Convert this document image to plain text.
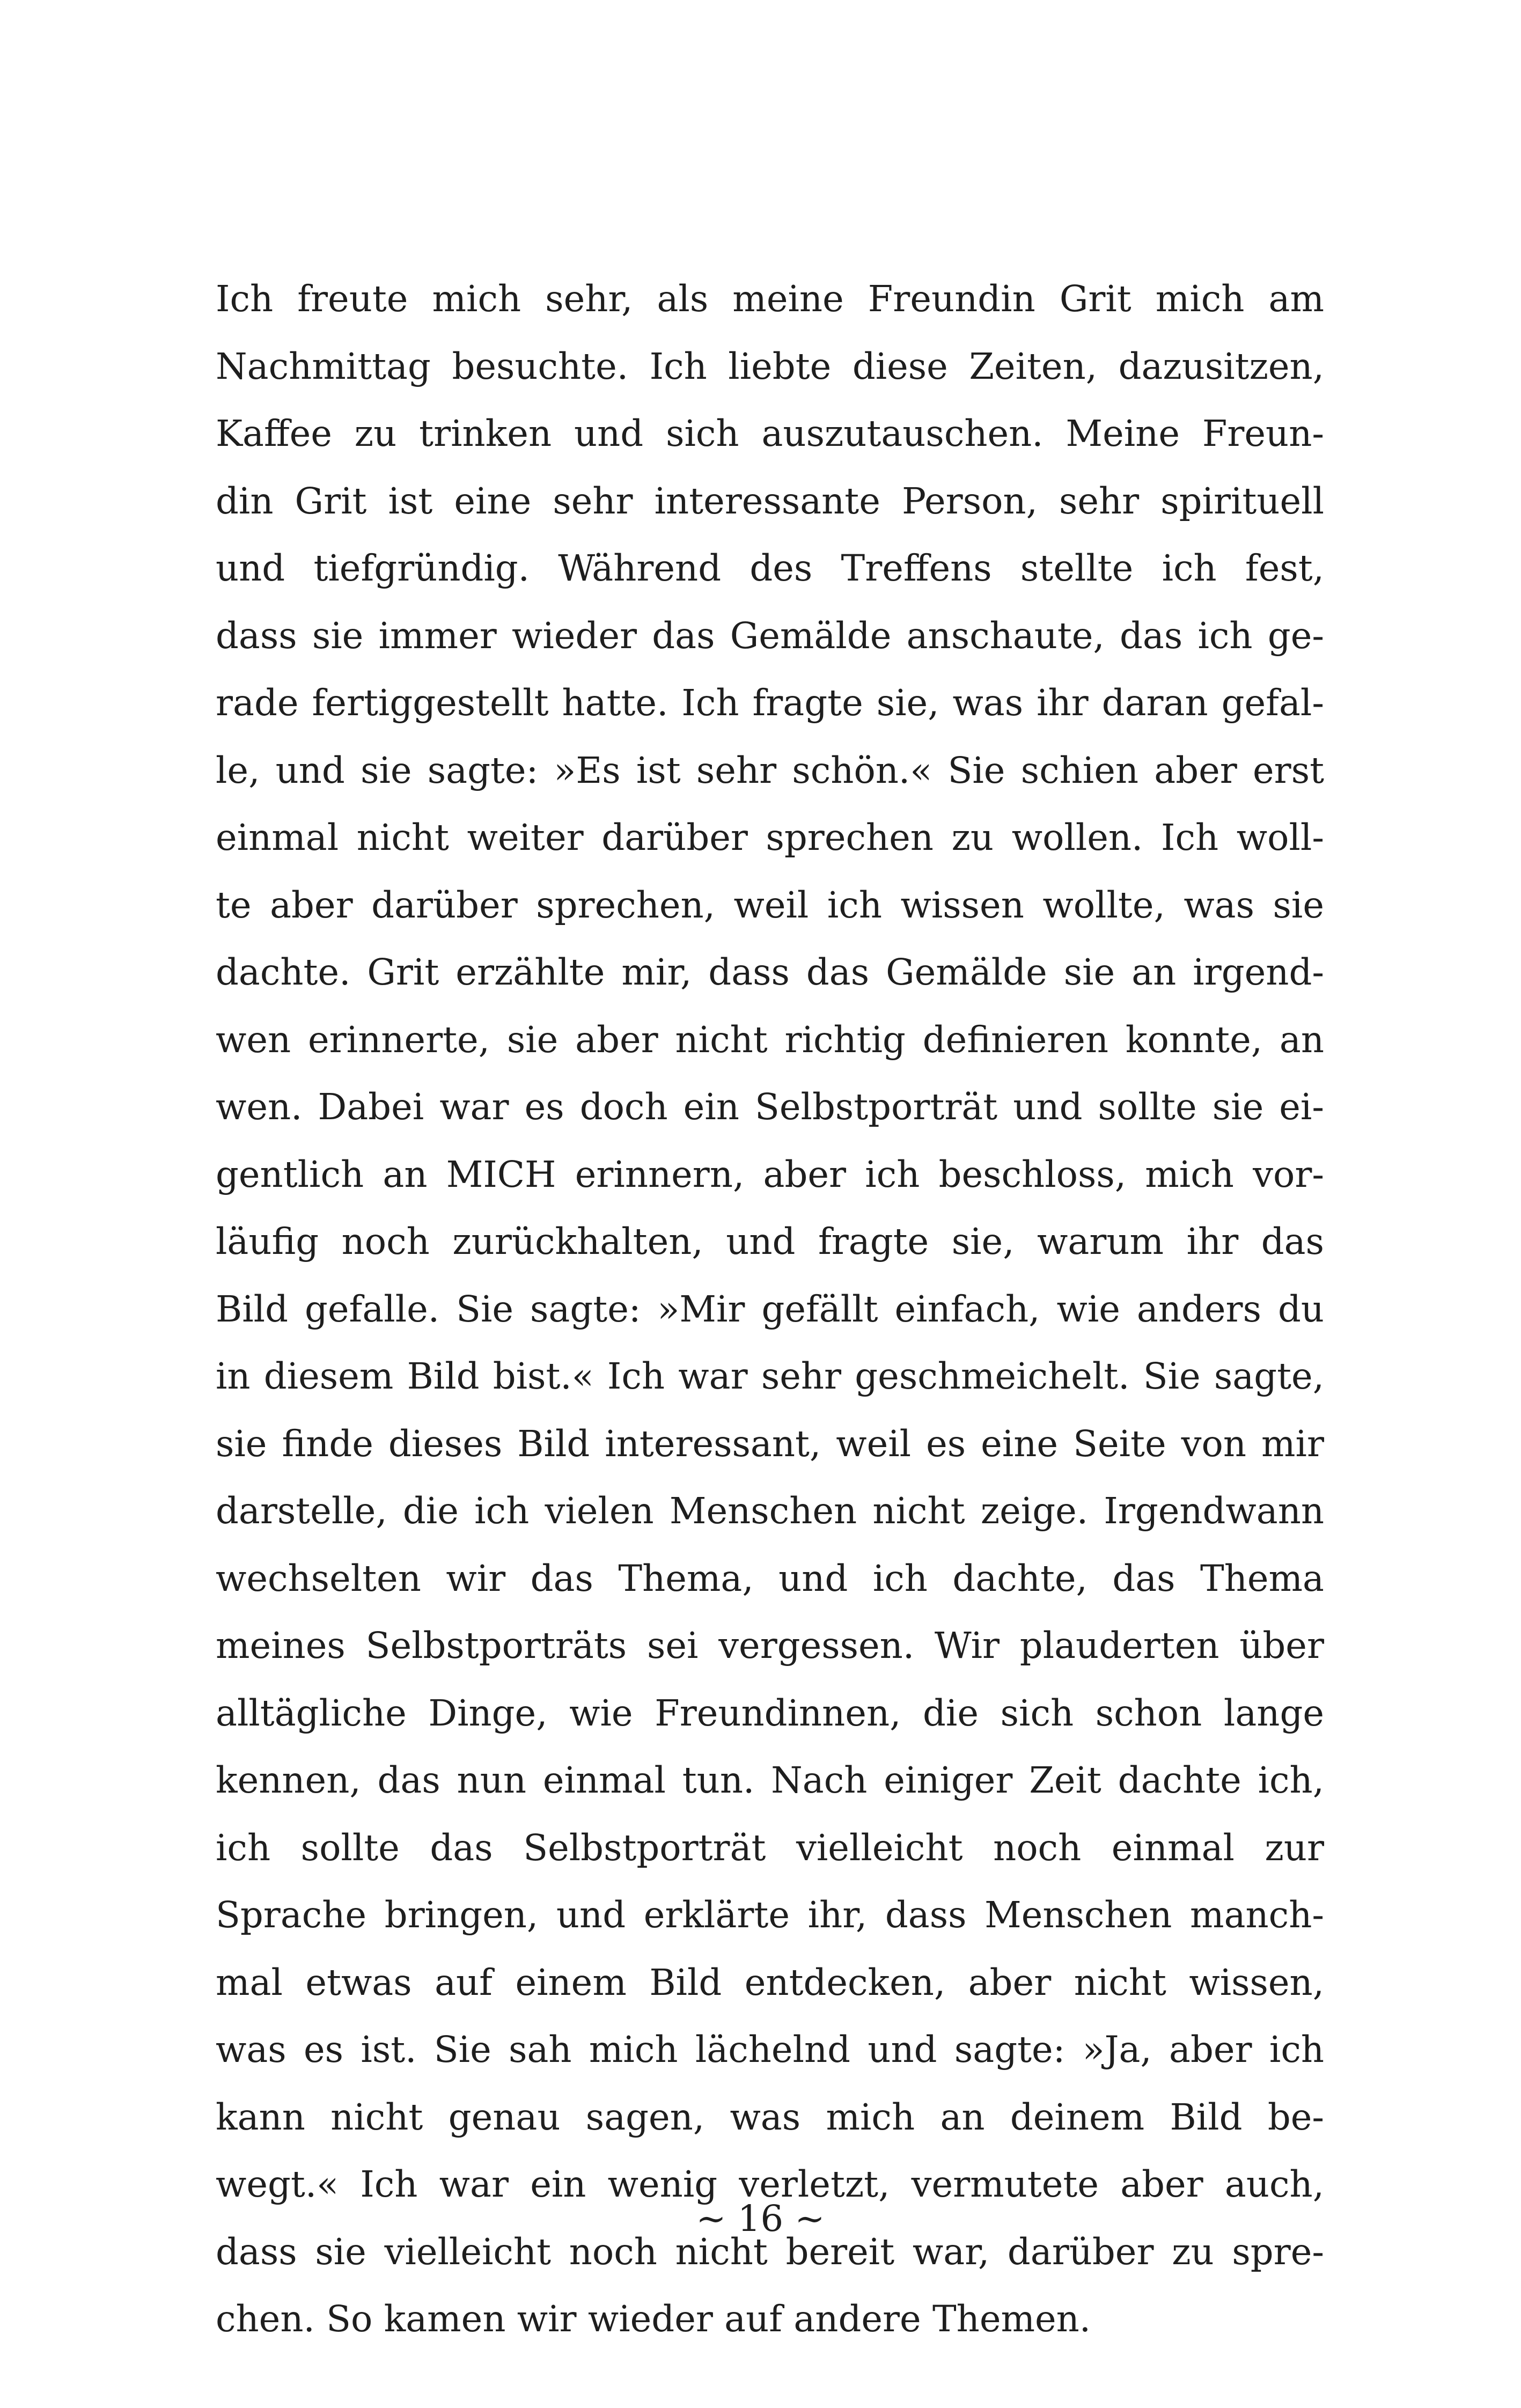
Ich freute mich sehr, als meine Freundin Grit mich am
Nachmittag besuchte. Ich liebte diese Zeiten, dazusitzen,
Kaffee zu trinken und sich auszutauschen. Meine Freun-
din Grit ist eine sehr interessante Person, sehr spirituell
und tiefgründig. Während des Treffens stellte ich fest,
dass sie immer wieder das Gemälde anschaute, das ich ge-
rade fertiggestellt hatte. Ich fragte sie, was ihr daran gefal-
le, und sie sagte: »Es ist sehr schön.« Sie schien aber erst
einmal nicht weiter darüber sprechen zu wollen. Ich woll-
te aber darüber sprechen, weil ich wissen wollte, was sie
dachte. Grit erzählte mir, dass das Gemälde sie an irgend-
wen erinnerte, sie aber nicht richtig definieren konnte, an
wen. Dabei war es doch ein Selbstporträt und sollte sie ei-
gentlich an MICH erinnern, aber ich beschloss, mich vor-
läufig noch zurückhalten, und fragte sie, warum ihr das
Bild gefalle. Sie sagte: »Mir gefällt einfach, wie anders du
in diesem Bild bist.« Ich war sehr geschmeichelt. Sie sagte,
sie finde dieses Bild interessant, weil es eine Seite von mir
darstelle, die ich vielen Menschen nicht zeige. Irgendwann
wechselten wir das Thema, und ich dachte, das Thema
meines Selbstporträts sei vergessen. Wir plauderten über
alltägliche Dinge, wie Freundinnen, die sich schon lange
kennen, das nun einmal tun. Nach einiger Zeit dachte ich,
ich sollte das Selbstporträt vielleicht noch einmal zur
Sprache bringen, und erklärte ihr, dass Menschen manch-
mal etwas auf einem Bild entdecken, aber nicht wissen,
was es ist. Sie sah mich lächelnd und sagte: »Ja, aber ich
kann nicht genau sagen, was mich an deinem Bild be-
wegt.« Ich war ein wenig verletzt, vermutete aber auch,
dass sie vielleicht noch nicht bereit war, darüber zu spre-
chen. So kamen wir wieder auf andere Themen.
~ 16 ~
